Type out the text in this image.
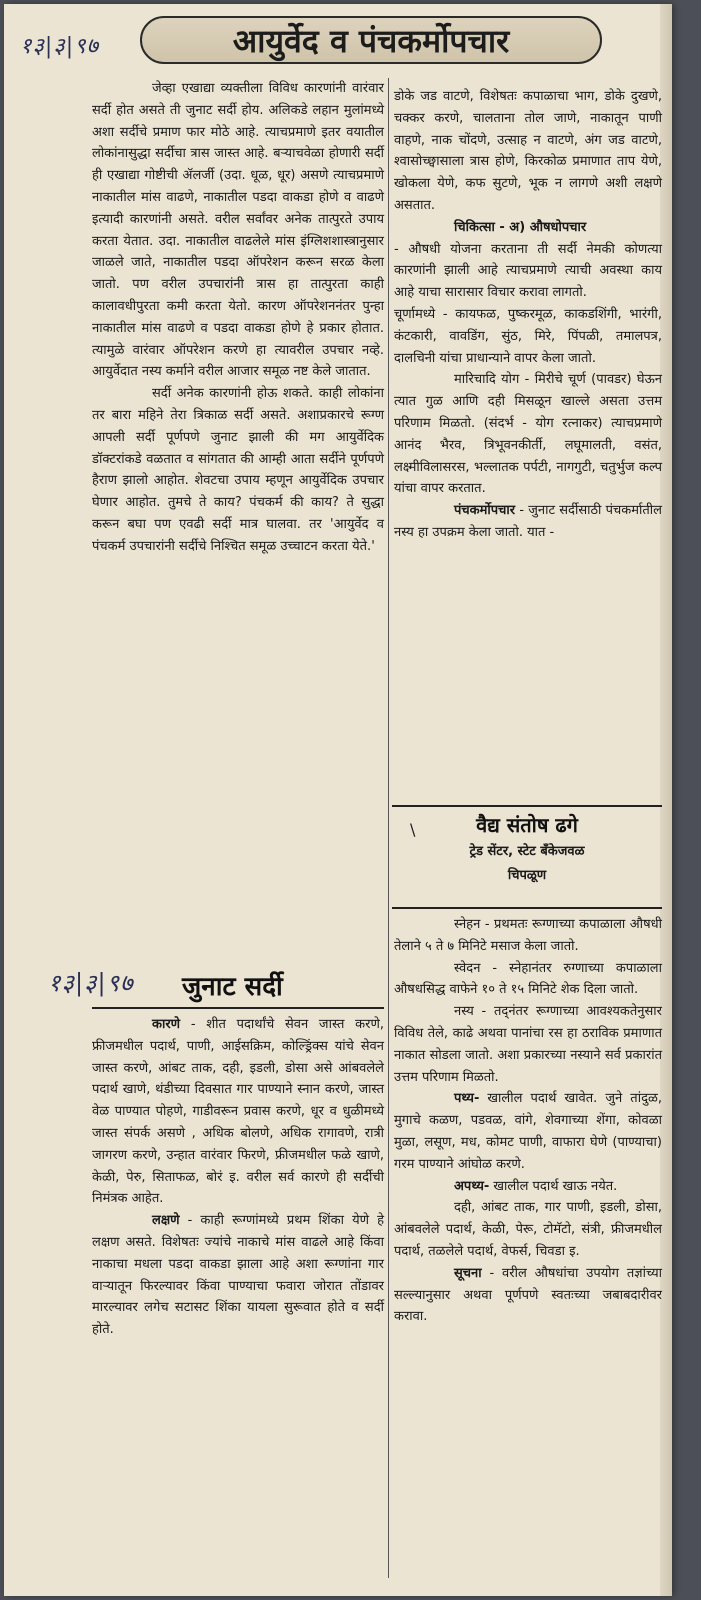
१३|३|९७	आयुर्वेद व पंचकर्मोपचार

जेव्हा एखाद्या व्यक्तीला विविध कारणांनी वारंवार सर्दी होत असते ती जुनाट सर्दी होय. अलिकडे लहान मुलांमध्ये अशा सर्दीचे प्रमाण फार मोठे आहे. त्याचप्रमाणे इतर वयातील लोकांनासुद्धा सर्दीचा त्रास जास्त आहे. बऱ्याचवेळा होणारी सर्दी ही एखाद्या गोष्टीची ॲलर्जी (उदा. धूळ, धूर) असणे त्याचप्रमाणे नाकातील मांस वाढणे, नाकातील पडदा वाकडा होणे व वाढणे इत्यादी कारणांनी असते. वरील सर्वांवर अनेक तात्पुरते उपाय करता येतात. उदा. नाकातील वाढलेले मांस इंग्लिशशास्त्रानुसार जाळले जाते, नाकातील पडदा ऑपरेशन करून सरळ केला जातो. पण वरील उपचारांनी त्रास हा तात्पुरता काही कालावधीपुरता कमी करता येतो. कारण ऑपरेशननंतर पुन्हा नाकातील मांस वाढणे व पडदा वाकडा होणे हे प्रकार होतात. त्यामुळे वारंवार ऑपरेशन करणे हा त्यावरील उपचार नव्हे. आयुर्वेदात नस्य कर्माने वरील आजार समूळ नष्ट केले जातात.

सर्दी अनेक कारणांनी होऊ शकते. काही लोकांना तर बारा महिने तेरा त्रिकाळ सर्दी असते. अशाप्रकारचे रूग्ण आपली सर्दी पूर्णपणे जुनाट झाली की मग आयुर्वेदिक डॉक्टरांकडे वळतात व सांगतात की आम्ही आता सर्दीने पूर्णपणे हैराण झालो आहोत. शेवटचा उपाय म्हणून आयुर्वेदिक उपचार घेणार आहोत. तुमचे ते काय? पंचकर्म की काय? ते सुद्धा करून बघा पण एवढी सर्दी मात्र घालवा. तर 'आयुर्वेद व पंचकर्म उपचारांनी सर्दीचे निश्चित समूळ उच्चाटन करता येते.'

१३|३|९७ जुनाट सर्दी

कारणे - शीत पदार्थांचे सेवन जास्त करणे, फ्रीजमधील पदार्थ, पाणी, आईसक्रिम, कोल्ड्रिंक्स यांचे सेवन जास्त करणे, आंबट ताक, दही, इडली, डोसा असे आंबवलेले पदार्थ खाणे, थंडीच्या दिवसात गार पाण्याने स्नान करणे, जास्त वेळ पाण्यात पोहणे, गाडीवरून प्रवास करणे, धूर व धुळीमध्ये जास्त संपर्क असणे , अधिक बोलणे, अधिक रागावणे, रात्री जागरण करणे, उन्हात वारंवार फिरणे, फ्रीजमधील फळे खाणे, केळी, पेरु, सिताफळ, बोरं इ. वरील सर्व कारणे ही सर्दीची निमंत्रक आहेत.

लक्षणे - काही रूग्णांमध्ये प्रथम शिंका येणे हे लक्षण असते. विशेषतः ज्यांचे नाकाचे मांस वाढले आहे किंवा नाकाचा मधला पडदा वाकडा झाला आहे अशा रूग्णांना गार वाऱ्यातून फिरल्यावर किंवा पाण्याचा फवारा जोरात तोंडावर मारल्यावर लगेच सटासट शिंका यायला सुरूवात होते व सर्दी होते.

डोके जड वाटणे, विशेषतः कपाळाचा भाग, डोके दुखणे, चक्कर करणे, चालताना तोल जाणे, नाकातून पाणी वाहणे, नाक चोंदणे, उत्साह न वाटणे, अंग जड वाटणे, श्वासोच्छ्वासाला त्रास होणे, किरकोळ प्रमाणात ताप येणे, खोकला येणे, कफ सुटणे, भूक न लागणे अशी लक्षणे असतात.

चिकित्सा - अ) औषधोपचार

- औषधी योजना करताना ती सर्दी नेमकी कोणत्या कारणांनी झाली आहे त्याचप्रमाणे त्याची अवस्था काय आहे याचा सारासार विचार करावा लागतो.

चूर्णामध्ये - कायफळ, पुष्करमूळ, काकडशिंगी, भारंगी, कंटकारी, वावडिंग, सुंठ, मिरे, पिंपळी, तमालपत्र, दालचिनी यांचा प्राधान्याने वापर केला जातो.

मारिचादि योग - मिरीचे चूर्ण (पावडर) घेऊन त्यात गुळ आणि दही मिसळून खाल्ले असता उत्तम परिणाम मिळतो. (संदर्भ - योग रत्नाकर) त्याचप्रमाणे आनंद भैरव, त्रिभूवनकीर्ती, लघूमालती, वसंत, लक्ष्मीविलासरस, भल्लातक पर्पटी, नागगुटी, चतुर्भुज कल्प यांचा वापर करतात.

पंचकर्मोपचार - जुनाट सर्दीसाठी पंचकर्मातील नस्य हा उपक्रम केला जातो. यात -

\	वैद्य संतोष ढगे
ट्रेड सेंटर, स्टेट बँकेजवळ
चिपळूण

स्नेहन - प्रथमतः रूग्णाच्या कपाळाला औषधी तेलाने ५ ते ७ मिनिटे मसाज केला जातो.

स्वेदन - स्नेहानंतर रुग्णाच्या कपाळाला औषधसिद्ध वाफेने १० ते १५ मिनिटे शेक दिला जातो.

नस्य - तद्नंतर रूग्णाच्या आवश्यकतेनुसार विविध तेले, काढे अथवा पानांचा रस हा ठराविक प्रमाणात नाकात सोडला जातो. अशा प्रकारच्या नस्याने सर्व प्रकारांत उत्तम परिणाम मिळतो.

पथ्य- खालील पदार्थ खावेत. जुने तांदुळ, मुगाचे कळण, पडवळ, वांगे, शेवगाच्या शेंगा, कोवळा मुळा, लसूण, मध, कोमट पाणी, वाफारा घेणे (पाण्याचा) गरम पाण्याने आंघोळ करणे.

अपथ्य- खालील पदार्थ खाऊ नयेत.

दही, आंबट ताक, गार पाणी, इडली, डोसा, आंबवलेले पदार्थ, केळी, पेरू, टोमॅटो, संत्री, फ्रीजमधील पदार्थ, तळलेले पदार्थ, वेफर्स, चिवडा इ.

सूचना - वरील औषधांचा उपयोग तज्ञांच्या सल्ल्यानुसार अथवा पूर्णपणे स्वतःच्या जबाबदारीवर करावा.
